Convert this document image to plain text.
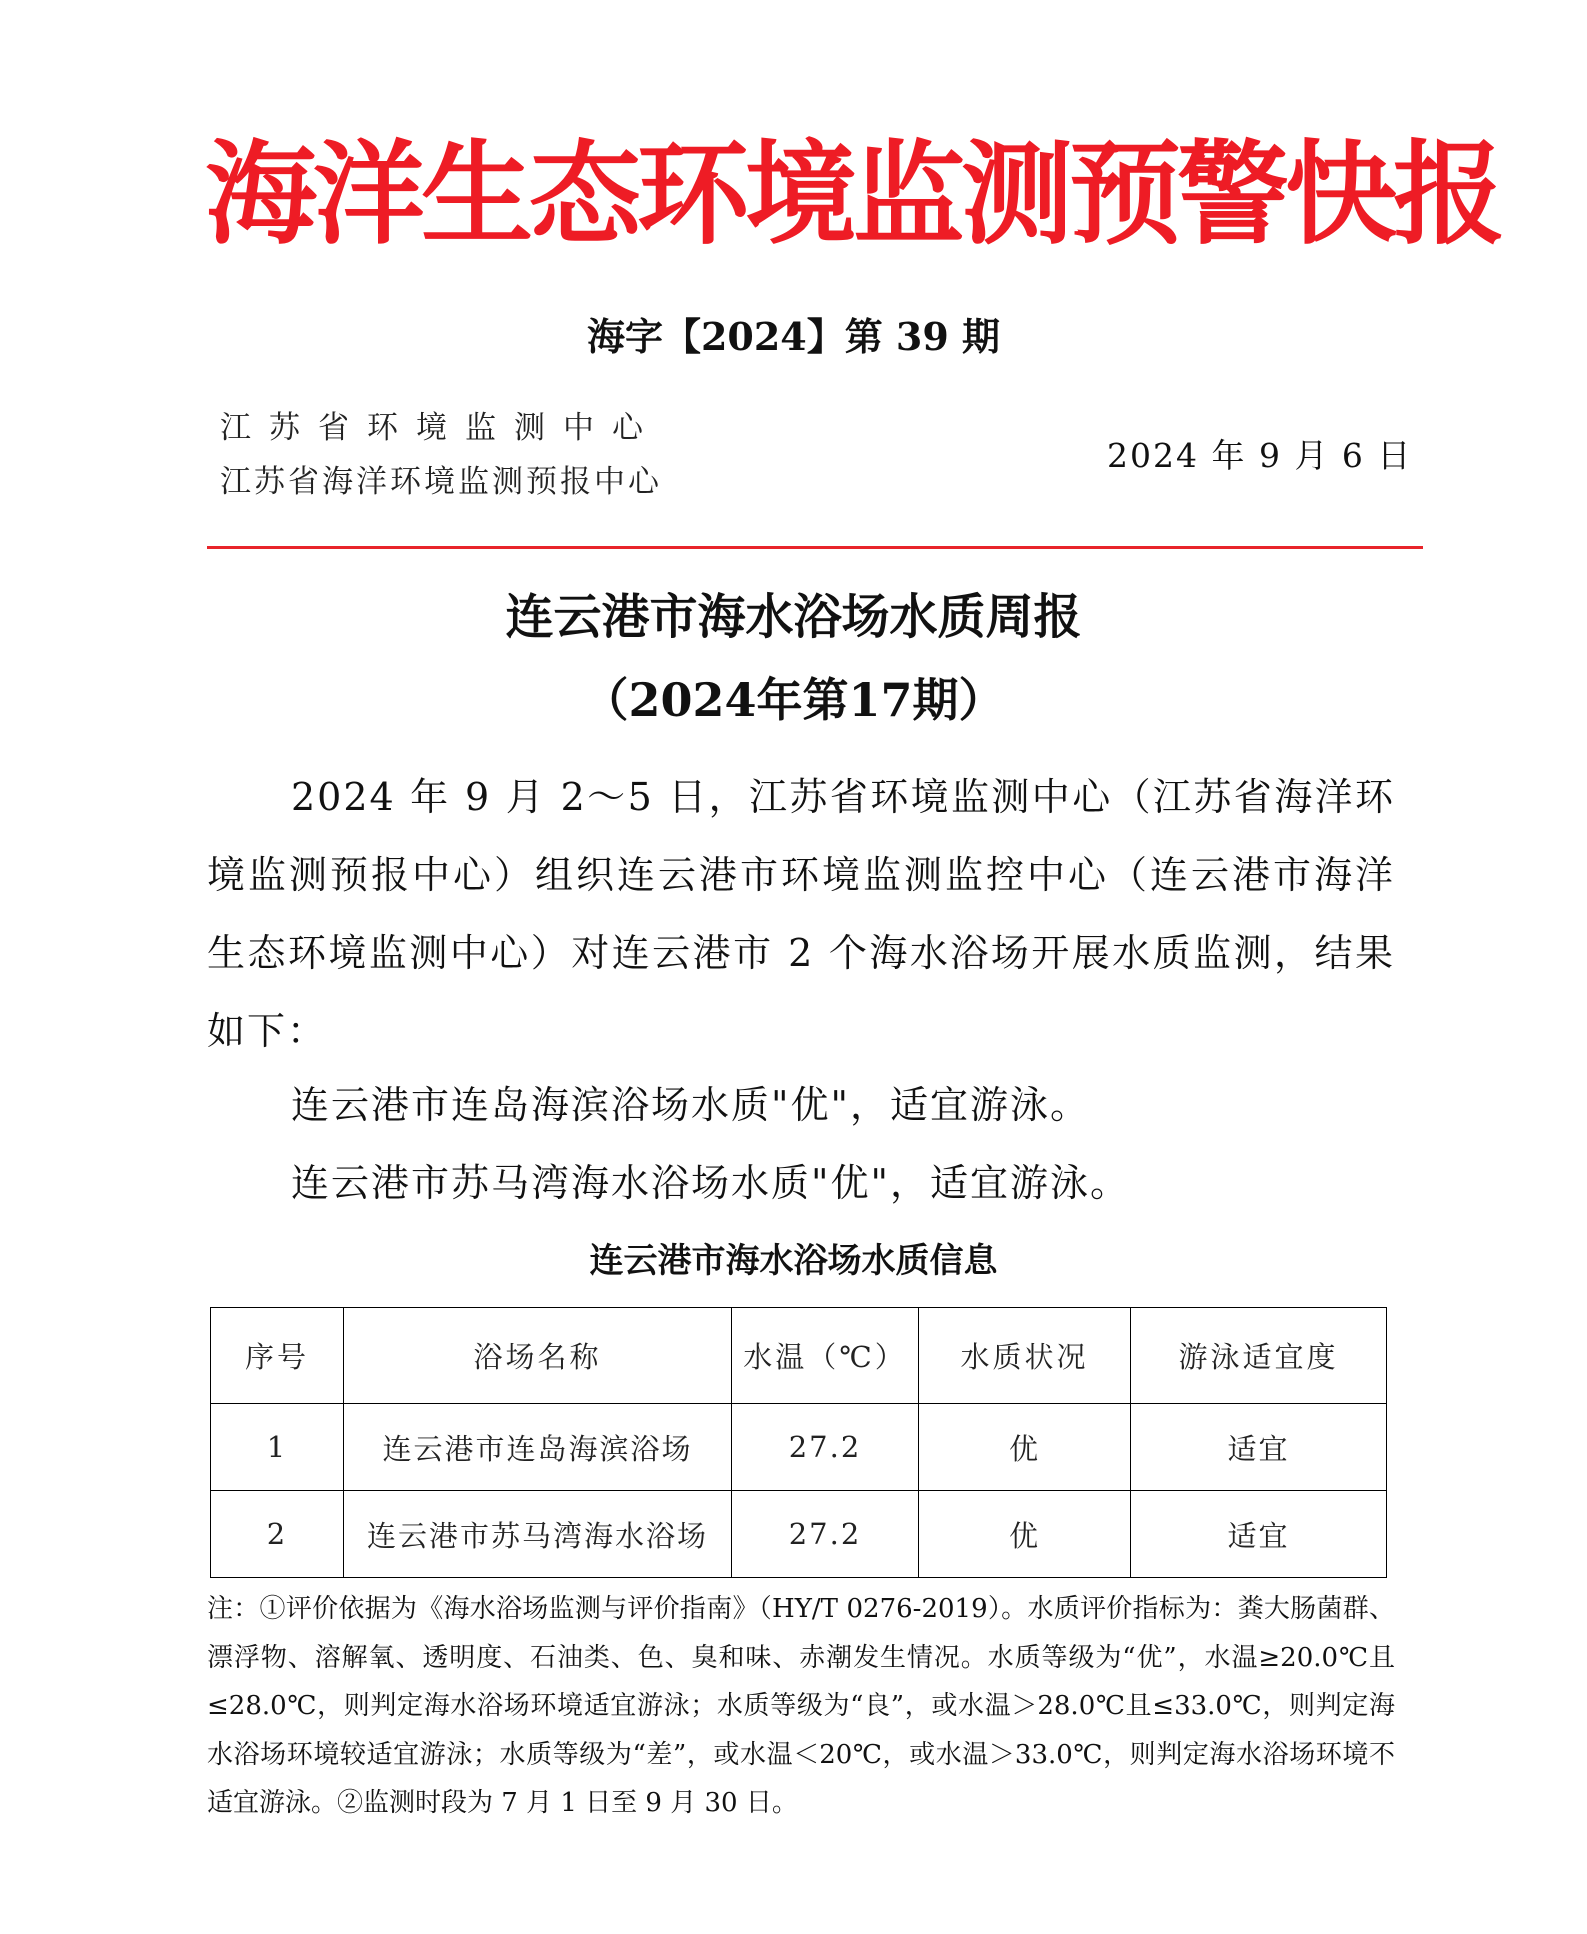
海洋生态环境监测预警快报
海字【2024】第 39 期
江苏省环境监测中心
江苏省海洋环境监测预报中心
2024 年 9 月 6 日
连云港市海水浴场水质周报
（2024年第17期）

2024 年 9 月 2～5 日，江苏省环境监测中心（江苏省海洋环境监测预报中心）组织连云港市环境监测监控中心（连云港市海洋生态环境监测中心）对连云港市 2 个海水浴场开展水质监测，结果如下：

连云港市连岛海滨浴场水质"优"，适宜游泳。
连云港市苏马湾海水浴场水质"优"，适宜游泳。
连云港市海水浴场水质信息
序号	浴场名称	水温（℃）	水质状况	游泳适宜度
1	连云港市连岛海滨浴场	27.2	优	适宜
2	连云港市苏马湾海水浴场	27.2	优	适宜
注：①评价依据为《海水浴场监测与评价指南》（HY/T 0276-2019）。水质评价指标为：粪大肠菌群、漂浮物、溶解氧、透明度、石油类、色、臭和味、赤潮发生情况。水质等级为“优”，水温≥20.0℃且≤28.0℃，则判定海水浴场环境适宜游泳；水质等级为“良”，或水温＞28.0℃且≤33.0℃，则判定海水浴场环境较适宜游泳；水质等级为“差”，或水温＜20℃，或水温＞33.0℃，则判定海水浴场环境不适宜游泳。②监测时段为 7 月 1 日至 9 月 30 日。
